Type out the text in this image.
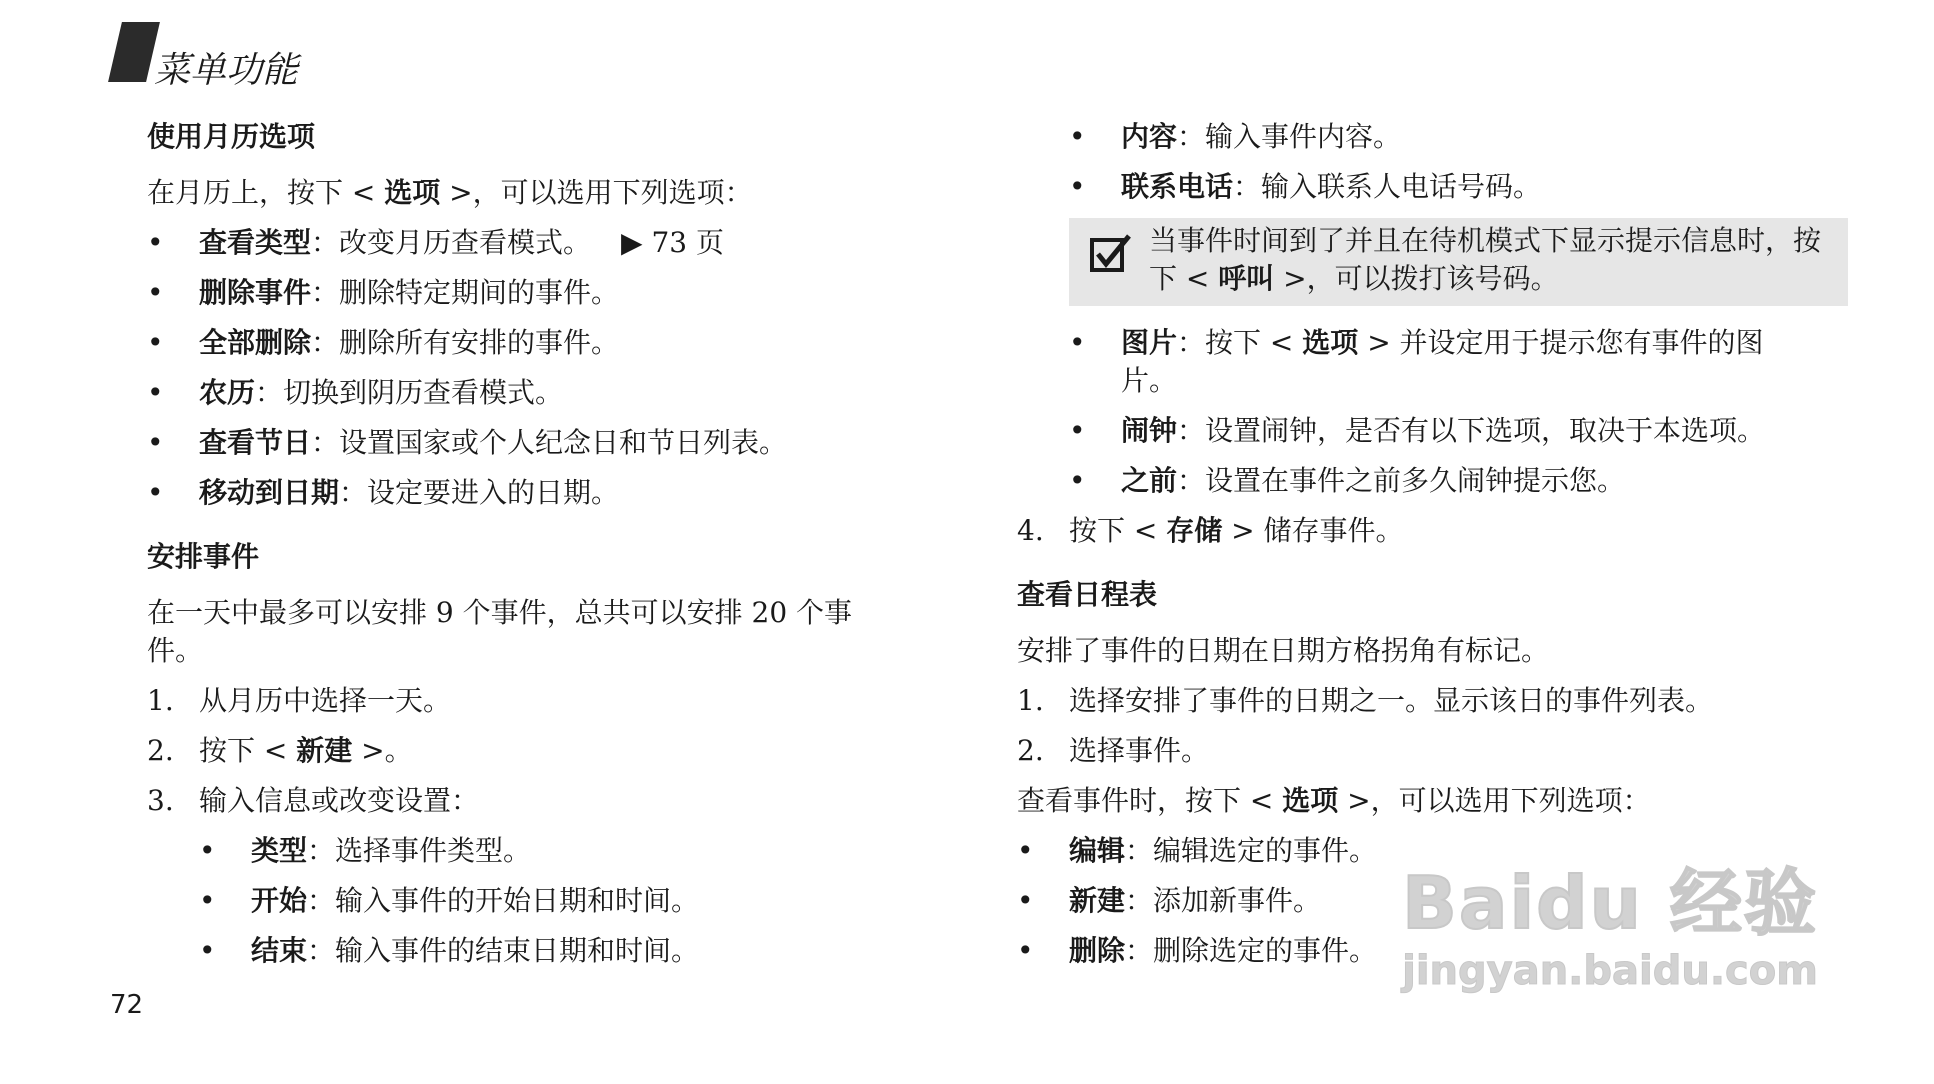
菜单功能
使用月历选项
在月历上，按下 < 选项 >，可以选用下列选项：
• 查看类型：改变月历查看模式。 ▶ 73 页
• 删除事件：删除特定期间的事件。
• 全部删除：删除所有安排的事件。
• 农历：切换到阴历查看模式。
• 查看节日：设置国家或个人纪念日和节日列表。
• 移动到日期：设定要进入的日期。
安排事件
在一天中最多可以安排 9 个事件，总共可以安排 20 个事件。
1. 从月历中选择一天。
2. 按下 < 新建 >。
3. 输入信息或改变设置：
• 类型：选择事件类型。
• 开始：输入事件的开始日期和时间。
• 结束：输入事件的结束日期和时间。
• 内容：输入事件内容。
• 联系电话：输入联系人电话号码。
当事件时间到了并且在待机模式下显示提示信息时，按下 < 呼叫 >，可以拨打该号码。
• 图片：按下 < 选项 > 并设定用于提示您有事件的图片。
• 闹钟：设置闹钟，是否有以下选项，取决于本选项。
• 之前：设置在事件之前多久闹钟提示您。
4. 按下 < 存储 > 储存事件。
查看日程表
安排了事件的日期在日期方格拐角有标记。
1. 选择安排了事件的日期之一。显示该日的事件列表。
2. 选择事件。
查看事件时，按下 < 选项 >，可以选用下列选项：
• 编辑：编辑选定的事件。
• 新建：添加新事件。
• 删除：删除选定的事件。
72
Baidu 经验
jingyan.baidu.com
